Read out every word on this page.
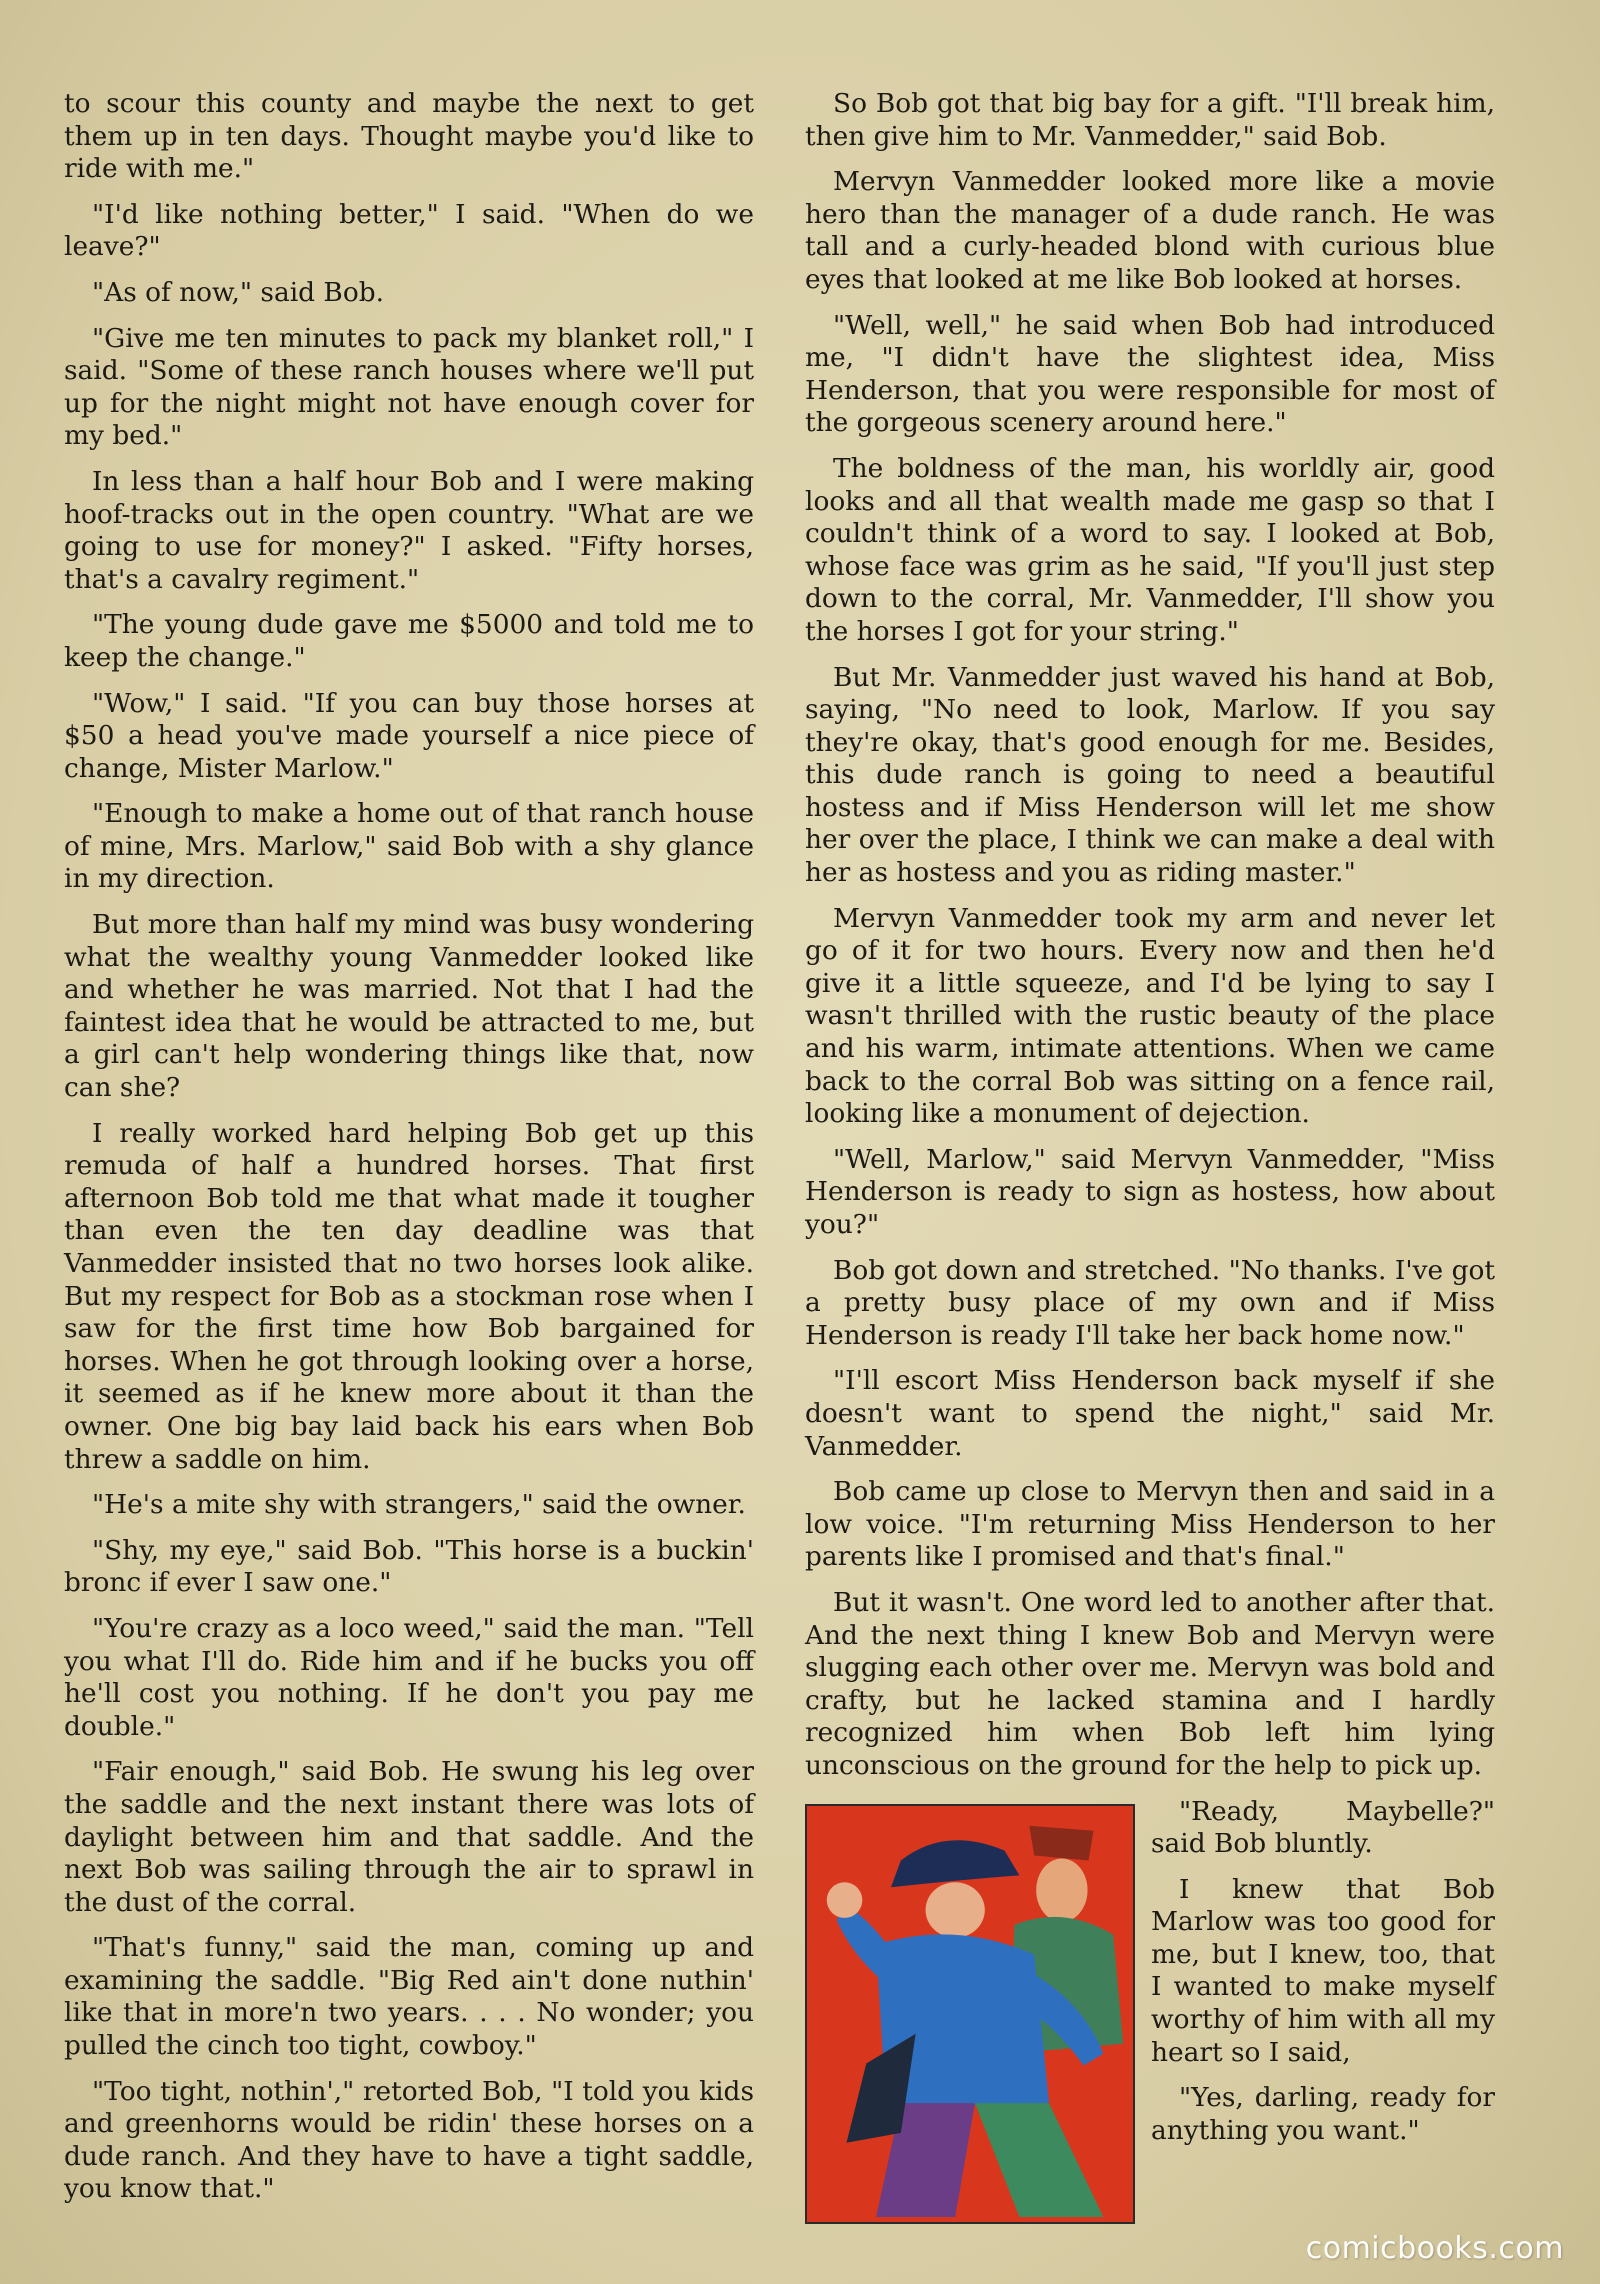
to scour this county and maybe the next to get them up in ten days. Thought maybe you'd like to ride with me."

"I'd like nothing better," I said. "When do we leave?"

"As of now," said Bob.

"Give me ten minutes to pack my blanket roll," I said. "Some of these ranch houses where we'll put up for the night might not have enough cover for my bed."

In less than a half hour Bob and I were making hoof-tracks out in the open country. "What are we going to use for money?" I asked. "Fifty horses, that's a cavalry regiment."

"The young dude gave me $5000 and told me to keep the change."

"Wow," I said. "If you can buy those horses at $50 a head you've made yourself a nice piece of change, Mister Marlow."

"Enough to make a home out of that ranch house of mine, Mrs. Marlow," said Bob with a shy glance in my direction.

But more than half my mind was busy wondering what the wealthy young Vanmedder looked like and whether he was married. Not that I had the faintest idea that he would be attracted to me, but a girl can't help wondering things like that, now can she?

I really worked hard helping Bob get up this remuda of half a hundred horses. That first afternoon Bob told me that what made it tougher than even the ten day deadline was that Vanmedder insisted that no two horses look alike. But my respect for Bob as a stockman rose when I saw for the first time how Bob bargained for horses. When he got through looking over a horse, it seemed as if he knew more about it than the owner. One big bay laid back his ears when Bob threw a saddle on him.

"He's a mite shy with strangers," said the owner.

"Shy, my eye," said Bob. "This horse is a buckin' bronc if ever I saw one."

"You're crazy as a loco weed," said the man. "Tell you what I'll do. Ride him and if he bucks you off he'll cost you nothing. If he don't you pay me double."

"Fair enough," said Bob. He swung his leg over the saddle and the next instant there was lots of daylight between him and that saddle. And the next Bob was sailing through the air to sprawl in the dust of the corral.

"That's funny," said the man, coming up and examining the saddle. "Big Red ain't done nuthin' like that in more'n two years. . . . No wonder; you pulled the cinch too tight, cowboy."

"Too tight, nothin'," retorted Bob, "I told you kids and greenhorns would be ridin' these horses on a dude ranch. And they have to have a tight saddle, you know that."

So Bob got that big bay for a gift. "I'll break him, then give him to Mr. Vanmedder," said Bob.

Mervyn Vanmedder looked more like a movie hero than the manager of a dude ranch. He was tall and a curly-headed blond with curious blue eyes that looked at me like Bob looked at horses.

"Well, well," he said when Bob had introduced me, "I didn't have the slightest idea, Miss Henderson, that you were responsible for most of the gorgeous scenery around here."

The boldness of the man, his worldly air, good looks and all that wealth made me gasp so that I couldn't think of a word to say. I looked at Bob, whose face was grim as he said, "If you'll just step down to the corral, Mr. Vanmedder, I'll show you the horses I got for your string."

But Mr. Vanmedder just waved his hand at Bob, saying, "No need to look, Marlow. If you say they're okay, that's good enough for me. Besides, this dude ranch is going to need a beautiful hostess and if Miss Henderson will let me show her over the place, I think we can make a deal with her as hostess and you as riding master."

Mervyn Vanmedder took my arm and never let go of it for two hours. Every now and then he'd give it a little squeeze, and I'd be lying to say I wasn't thrilled with the rustic beauty of the place and his warm, intimate attentions. When we came back to the corral Bob was sitting on a fence rail, looking like a monument of dejection.

"Well, Marlow," said Mervyn Vanmedder, "Miss Henderson is ready to sign as hostess, how about you?"

Bob got down and stretched. "No thanks. I've got a pretty busy place of my own and if Miss Henderson is ready I'll take her back home now."

"I'll escort Miss Henderson back myself if she doesn't want to spend the night," said Mr. Vanmedder.

Bob came up close to Mervyn then and said in a low voice. "I'm returning Miss Henderson to her parents like I promised and that's final."

But it wasn't. One word led to another after that. And the next thing I knew Bob and Mervyn were slugging each other over me. Mervyn was bold and crafty, but he lacked stamina and I hardly recognized him when Bob left him lying unconscious on the ground for the help to pick up.

"Ready, Maybelle?" said Bob bluntly.

I knew that Bob Marlow was too good for me, but I knew, too, that I wanted to make myself worthy of him with all my heart so I said,

"Yes, darling, ready for anything you want."

comicbooks.com
